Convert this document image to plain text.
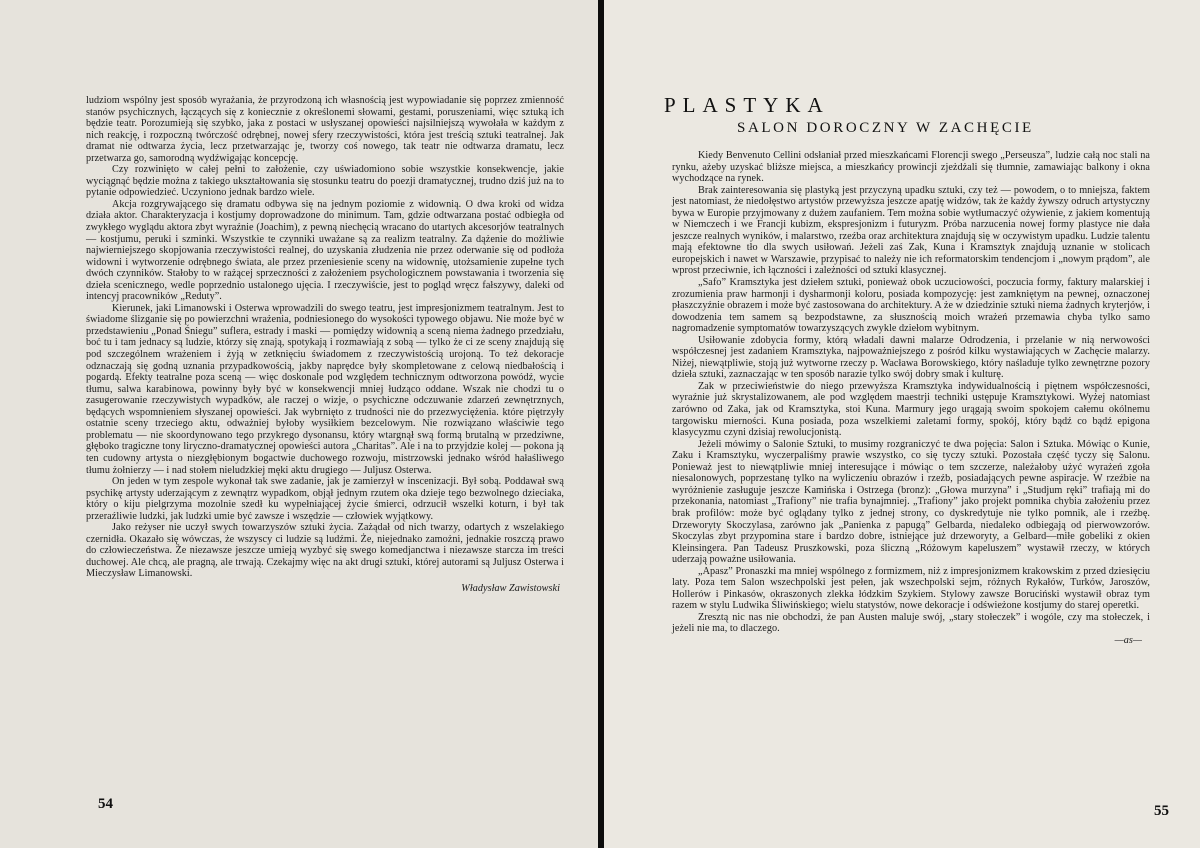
ludziom wspólny jest sposób wyrażania, że przyrodzoną ich własnością jest wypowiadanie się poprzez zmienność stanów psychicznych, łączących się z koniecznie z określonemi słowami, gestami, poruszeniami, więc sztuką ich będzie teatr. Porozumieją się szybko, jaka z postaci w usłyszanej opowieści najsilniejszą wywołała w każdym z nich reakcję, i rozpoczną twórczość odrębnej, nowej sfery rzeczywistości, która jest treścią sztuki teatralnej. Jak dramat nie odtwarza życia, lecz przetwarzając je, tworzy coś nowego, tak teatr nie odtwarza dramatu, lecz przetwarza go, samorodną wydźwigając koncepcję.

Czy rozwinięto w całej pełni to założenie, czy uświadomiono sobie wszystkie konsekwencje, jakie wyciągnąć będzie można z takiego ukształtowania się stosunku teatru do poezji dramatycznej, trudno dziś już na to pytanie odpowiedzieć. Uczyniono jednak bardzo wiele.

Akcja rozgrywającego się dramatu odbywa się na jednym poziomie z widownią. O dwa kroki od widza działa aktor. Charakteryzacja i kostjumy doprowadzone do minimum. Tam, gdzie odtwarzana postać odbiegła od zwykłego wyglądu aktora zbyt wyraźnie (Joachim), z pewną niechęcią wracano do utartych akcesorjów teatralnych — kostjumu, peruki i szminki. Wszystkie te czynniki uważane są za realizm teatralny. Za dążenie do możliwie najwierniejszego skopjowania rzeczywistości realnej, do uzyskania złudzenia nie przez oderwanie się od podłoża widowni i wytworzenie odrębnego świata, ale przez przeniesienie sceny na widownię, utożsamienie zupełne tych dwóch czynników. Stałoby to w rażącej sprzeczności z założeniem psychologicznem powstawania i tworzenia się dzieła scenicznego, wedle poprzednio ustalonego ujęcia. I rzeczywiście, jest to pogląd wręcz fałszywy, daleki od intencyj pracowników „Reduty”.

Kierunek, jaki Limanowski i Osterwa wprowadzili do swego teatru, jest impresjonizmem teatralnym. Jest to świadome ślizganie się po powierzchni wrażenia, podniesionego do wysokości typowego objawu. Nie może być w przedstawieniu „Ponad Śniegu” suflera, estrady i maski — pomiędzy widownią a sceną niema żadnego przedziału, boć tu i tam jednacy są ludzie, którzy się znają, spotykają i rozmawiają z sobą — tylko że ci ze sceny znajdują się pod szczególnem wrażeniem i żyją w zetknięciu świadomem z rzeczywistością urojoną. To też dekoracje odznaczają się godną uznania przypadkowością, jakby naprędce były skompletowane z celową niedbałością i pogardą. Efekty teatralne poza sceną — więc doskonale pod względem technicznym odtworzona powódź, wycie tłumu, salwa karabinowa, powinny były być w konsekwencji mniej łudząco oddane. Wszak nie chodzi tu o zasugerowanie rzeczywistych wypadków, ale raczej o wizje, o psychiczne odczuwanie zdarzeń zewnętrznych, będących wspomnieniem słyszanej opowieści. Jak wybrnięto z trudności nie do przezwyciężenia. które piętrzyły ostatnie sceny trzeciego aktu, odważniej byłoby wysiłkiem bezcelowym. Nie rozwiązano właściwie tego problematu — nie skoordynowano tego przykrego dysonansu, który wtargnął swą formą brutalną w przedziwne, głęboko tragiczne tony liryczno-dramatycznej opowieści autora „Charitas”. Ale i na to przyjdzie kolej — pokona ją ten cudowny artysta o niezgłębionym bogactwie duchowego rozwoju, mistrzowski jednako wśród hałaśliwego tłumu żołnierzy — i nad stołem nieludzkiej męki aktu drugiego — Juljusz Osterwa.

On jeden w tym zespole wykonał tak swe zadanie, jak je zamierzył w inscenizacji. Był sobą. Poddawał swą psychikę artysty uderzającym z zewnątrz wypadkom, objął jednym rzutem oka dzieje tego bezwolnego dzieciaka, który o kiju pielgrzyma mozolnie szedł ku wypełniającej życie śmierci, odrzucił wszelki koturn, i był tak przeraźliwie ludzki, jak ludzki umie być zawsze i wszędzie — człowiek wyjątkowy.

Jako reżyser nie uczył swych towarzyszów sztuki życia. Zażądał od nich twarzy, odartych z wszelakiego czernidła. Okazało się wówczas, że wszyscy ci ludzie są ludźmi. Że, niejednako zamożni, jednakie roszczą prawo do człowieczeństwa. Że niezawsze jeszcze umieją wyzbyć się swego komedjanctwa i niezawsze starcza im treści duchowej. Ale chcą, ale pragną, ale trwają. Czekajmy więc na akt drugi sztuki, której autorami są Juljusz Osterwa i Mieczysław Limanowski.

Władysław Zawistowski

54

Kiedy Benvenuto Cellini odsłaniał przed mieszkańcami Florencji swego „Perseusza”, ludzie całą noc stali na rynku, ażeby uzyskać bliższe miejsca, a mieszkańcy prowincji zjeżdżali się tłumnie, zamawiając balkony i okna wychodzące na rynek.

Brak zainteresowania się plastyką jest przyczyną upadku sztuki, czy też — powodem, o to mniejsza, faktem jest natomiast, że niedołęstwo artystów przewyższa jeszcze apatję widzów, tak że każdy żywszy odruch artystyczny bywa w Europie przyjmowany z dużem zaufaniem. Tem można sobie wytłumaczyć ożywienie, z jakiem komentują w Niemczech i we Francji kubizm, ekspresjonizm i futuryzm. Próba narzucenia nowej formy plastyce nie dała jeszcze realnych wyników, i malarstwo, rzeźba oraz architektura znajdują się w oczywistym upadku. Ludzie talentu mają efektowne tło dla swych usiłowań. Jeżeli zaś Zak, Kuna i Kramsztyk znajdują uznanie w stolicach europejskich i nawet w Warszawie, przypisać to należy nie ich reformatorskim tendencjom i „nowym prądom”, ale wprost przeciwnie, ich łączności i zależności od sztuki klasycznej.

„Safo” Kramsztyka jest dziełem sztuki, ponieważ obok uczuciowości, poczucia formy, faktury malarskiej i zrozumienia praw harmonji i dysharmonji koloru, posiada kompozycję: jest zamkniętym na pewnej, oznaczonej płaszczyźnie obrazem i może być zastosowana do architektury. A że w dziedzinie sztuki niema żadnych kryterjów, i dowodzenia tem samem są bezpodstawne, za słusznością moich wrażeń przemawia chyba tylko samo nagromadzenie symptomatów towarzyszących zwykle dziełom wybitnym.

Usiłowanie zdobycia formy, którą władali dawni malarze Odrodzenia, i przelanie w nią nerwowości współczesnej jest zadaniem Kramsztyka, najpoważniejszego z pośród kilku wystawiających w Zachęcie malarzy. Niżej, niewątpliwie, stoją już wytworne rzeczy p. Wacława Borowskiego, który naśladuje tylko zewnętrzne pozory dzieła sztuki, zaznaczając w ten sposób narazie tylko swój dobry smak i kulturę.

Zak w przeciwieństwie do niego przewyższa Kramsztyka indywidualnością i piętnem współczesności, wyraźnie już skrystalizowanem, ale pod względem maestrji techniki ustępuje Kramsztykowi. Wyżej natomiast zarówno od Zaka, jak od Kramsztyka, stoi Kuna. Marmury jego urągają swoim spokojem całemu okólnemu targowisku mierności. Kuna posiada, poza wszelkiemi zaletami formy, spokój, który bądź co bądź epigona klasycyzmu czyni dzisiaj rewolucjonistą.

Jeżeli mówimy o Salonie Sztuki, to musimy rozgraniczyć te dwa pojęcia: Salon i Sztuka. Mówiąc o Kunie, Zaku i Kramsztyku, wyczerpaliśmy prawie wszystko, co się tyczy sztuki. Pozostała część tyczy się Salonu. Ponieważ jest to niewątpliwie mniej interesujące i mówiąc o tem szczerze, należałoby użyć wyrażeń zgoła niesalonowych, poprzestanę tylko na wyliczeniu obrazów i rzeźb, posiadających pewne aspiracje. W rzeźbie na wyróżnienie zasługuje jeszcze Kamińska i Ostrzega (bronz): „Głowa murzyna” i „Studjum ręki” trafiają mi do przekonania, natomiast „Trafiony” nie trafia bynajmniej. „Trafiony” jako projekt pomnika chybia założeniu przez brak profilów: może być oglądany tylko z jednej strony, co dyskredytuje nie tylko pomnik, ale i rzeźbę. Drzeworyty Skoczylasa, zarówno jak „Panienka z papugą” Gelbarda, niedaleko odbiegają od pierwowzorów. Skoczylas zbyt przypomina stare i bardzo dobre, istniejące już drzeworyty, a Gelbard—miłe gobeliki z okien Kleinsingera. Pan Tadeusz Pruszkowski, poza śliczną „Różowym kapeluszem” wystawił rzeczy, w których uderzają poważne usiłowania.

„Apasz” Pronaszki ma mniej wspólnego z formizmem, niż z impresjonizmem krakowskim z przed dziesięciu laty. Poza tem Salon wszechpolski jest pełen, jak wszechpolski sejm, różnych Rykałów, Turków, Jaroszów, Hollerów i Pinkasów, okraszonych zlekka łódzkim Szykiem. Stylowy zawsze Boruciński wystawił obraz tym razem w stylu Ludwika Śliwińskiego; wielu statystów, nowe dekoracje i odświeżone kostjumy do starej operetki.

Zresztą nic nas nie obchodzi, że pan Austen maluje swój, „stary stołeczek” i wogóle, czy ma stołeczek, i jeżeli nie ma, to dlaczego.

—as—

55
PLASTYKA
SALON DOROCZNY W ZACHĘCIE
